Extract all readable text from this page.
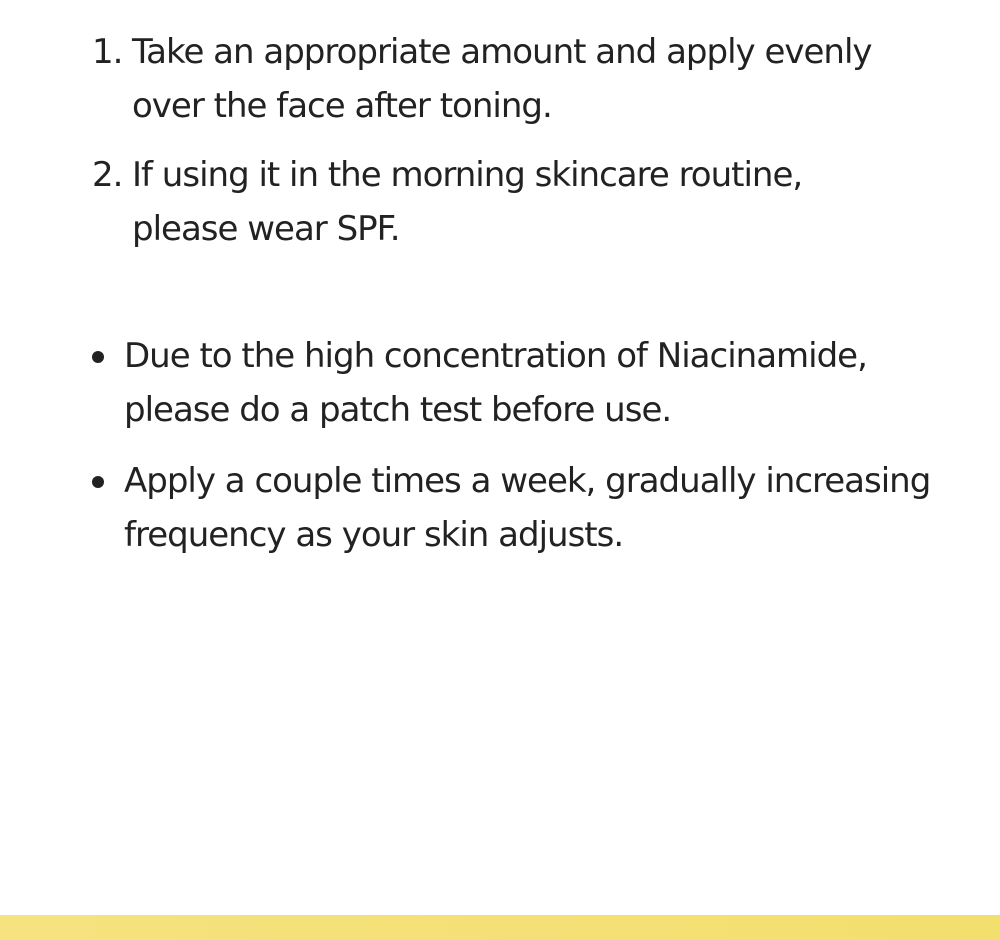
1. Take an appropriate amount and apply evenly
over the face after toning.
2. If using it in the morning skincare routine,
please wear SPF.
Due to the high concentration of Niacinamide,
please do a patch test before use.
Apply a couple times a week, gradually increasing
frequency as your skin adjusts.
